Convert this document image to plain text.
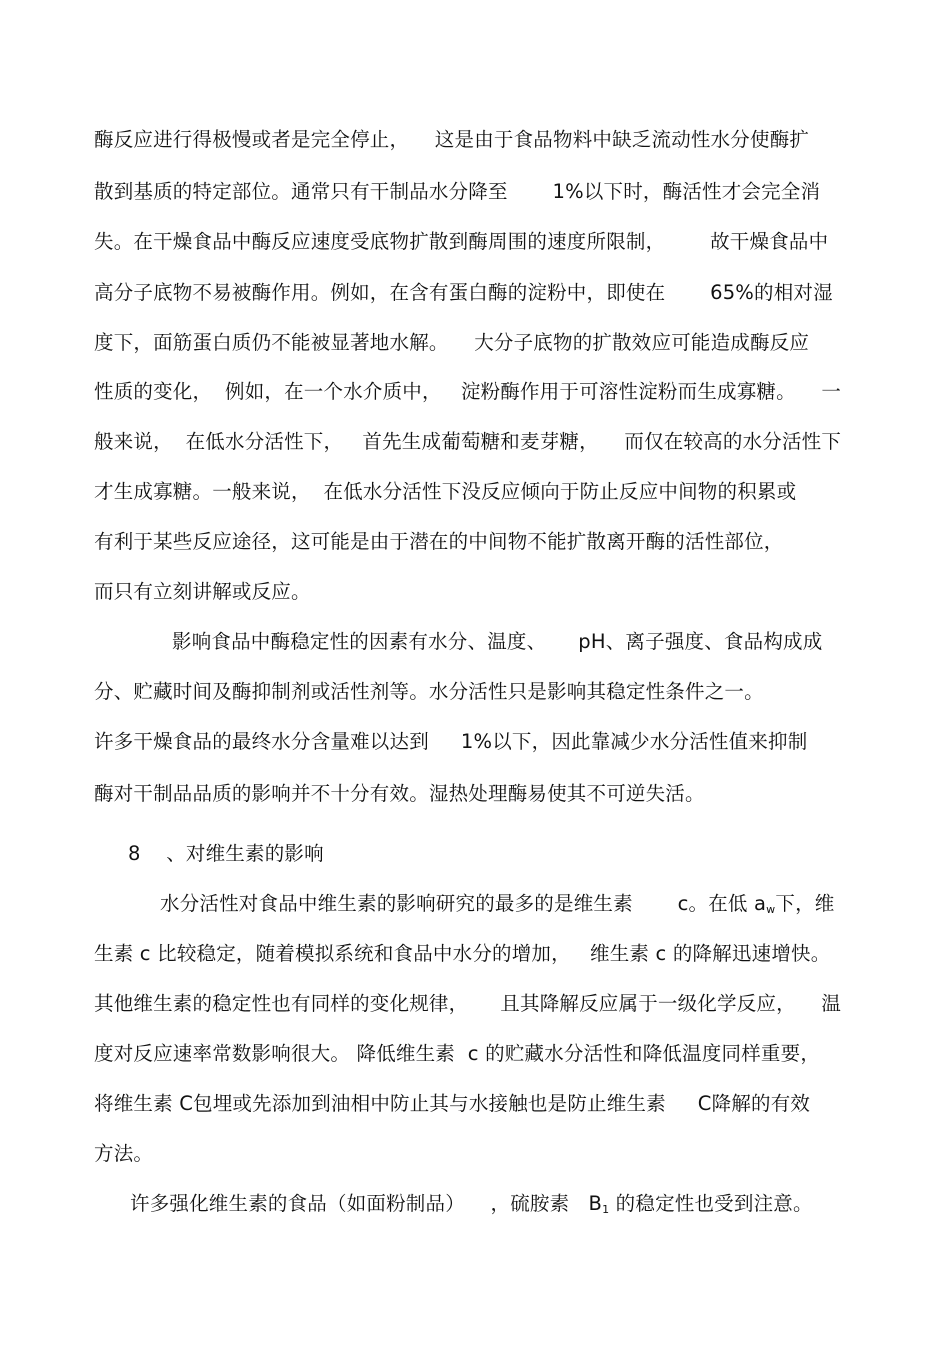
酶反应进行得极慢或者是完全停止，    这是由于食品物料中缺乏流动性水分使酶扩
散到基质的特定部位。通常只有干制品水分降至       1%以下时，酶活性才会完全消
失。在干燥食品中酶反应速度受底物扩散到酶周围的速度所限制，       故干燥食品中
高分子底物不易被酶作用。例如，在含有蛋白酶的淀粉中，即使在       65%的相对湿
度下，面筋蛋白质仍不能被显著地水解。    大分子底物的扩散效应可能造成酶反应
性质的变化，  例如，在一个水介质中，   淀粉酶作用于可溶性淀粉而生成寡糖。    一
般来说，  在低水分活性下，   首先生成葡萄糖和麦芽糖，    而仅在较高的水分活性下
才生成寡糖。一般来说，  在低水分活性下没反应倾向于防止反应中间物的积累或
有利于某些反应途径，这可能是由于潜在的中间物不能扩散离开酶的活性部位，
而只有立刻讲解或反应。
影响食品中酶稳定性的因素有水分、温度、     pH、离子强度、食品构成成
分、贮藏时间及酶抑制剂或活性剂等。水分活性只是影响其稳定性条件之一。
许多干燥食品的最终水分含量难以达到     1%以下，因此靠减少水分活性值来抑制
酶对干制品品质的影响并不十分有效。湿热处理酶易使其不可逆失活。
8    、对维生素的影响
水分活性对食品中维生素的影响研究的最多的是维生素       c。在低 $a_w$下，维
生素 c 比较稳定，随着模拟系统和食品中水分的增加，   维生素 c 的降解迅速增快。
其他维生素的稳定性也有同样的变化规律，     且其降解反应属于一级化学反应，    温
度对反应速率常数影响很大。 降低维生素  c 的贮藏水分活性和降低温度同样重要，
将维生素 C包埋或先添加到油相中防止其与水接触也是防止维生素     C降解的有效
方法。
许多强化维生素的食品（如面粉制品）    ，硫胺素   $B_1$ 的稳定性也受到注意。
